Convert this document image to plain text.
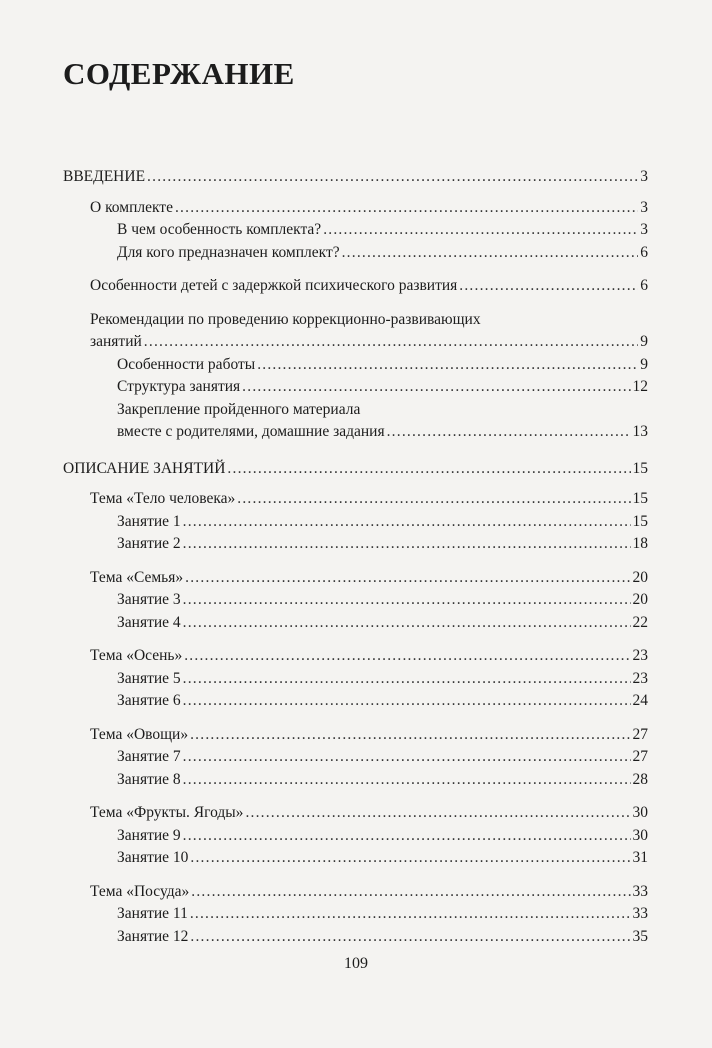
СОДЕРЖАНИЕ
ВВЕДЕНИЕ .....	3
О комплекте .....	3
В чем особенность комплекта? .....	3
Для кого предназначен комплект? .....	6
Особенности детей с задержкой психического развития .....	6
Рекомендации по проведению коррекционно-развивающих
занятий .....	9
Особенности работы .....	9
Структура занятия .....	12
Закрепление пройденного материала
вместе с родителями, домашние задания .....	13
ОПИСАНИЕ ЗАНЯТИЙ .....	15
Тема «Тело человека» .....	15
Занятие 1 .....	15
Занятие 2 .....	18
Тема «Семья» .....	20
Занятие 3 .....	20
Занятие 4 .....	22
Тема «Осень» .....	23
Занятие 5 .....	23
Занятие 6 .....	24
Тема «Овощи» .....	27
Занятие 7 .....	27
Занятие 8 .....	28
Тема «Фрукты. Ягоды» .....	30
Занятие 9 .....	30
Занятие 10 .....	31
Тема «Посуда» .....	33
Занятие 11 .....	33
Занятие 12 .....	35
109
